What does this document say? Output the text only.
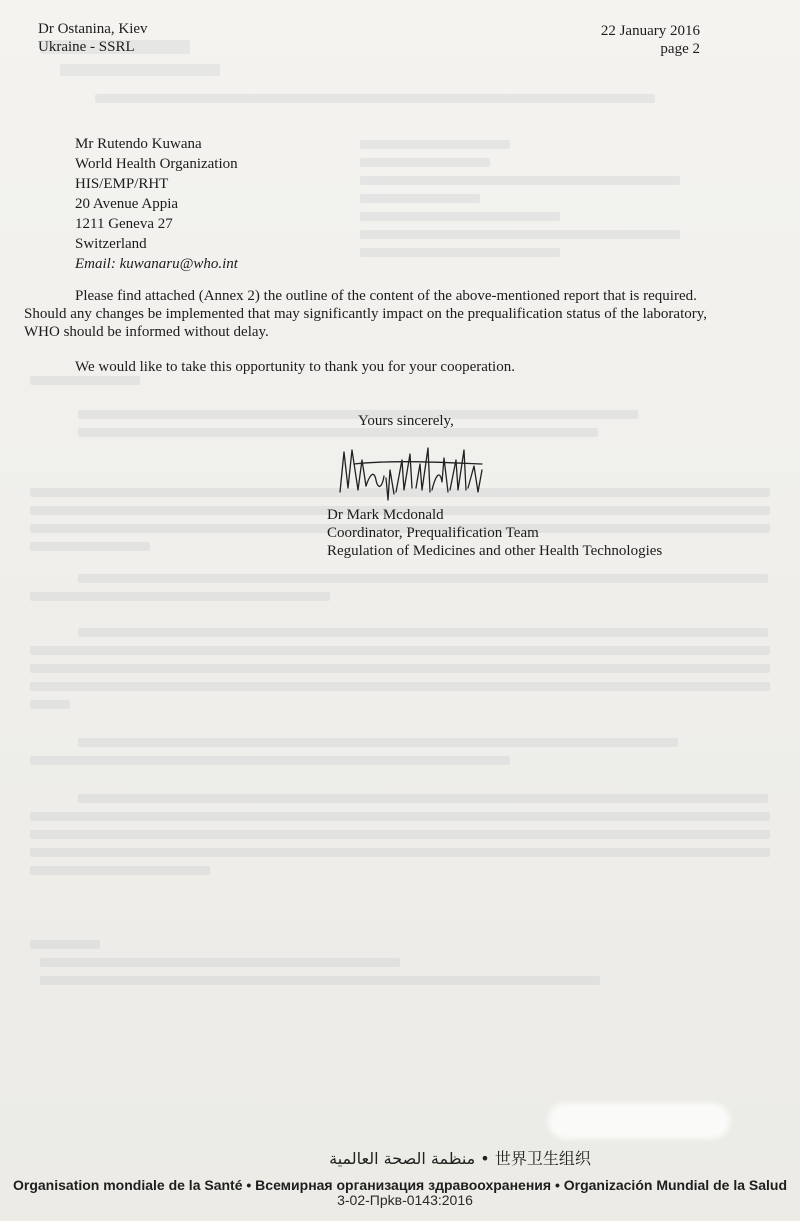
Dr Ostanina, Kiev
Ukraine - SSRL
22 January 2016
page 2
Mr Rutendo Kuwana
World Health Organization
HIS/EMP/RHT
20 Avenue Appia
1211 Geneva 27
Switzerland
Email: kuwanaru@who.int
Please find attached (Annex 2) the outline of the content of the above-mentioned report that is required. Should any changes be implemented that may significantly impact on the prequalification status of the laboratory, WHO should be informed without delay.
We would like to take this opportunity to thank you for your cooperation.
Yours sincerely,
Dr Mark Mcdonald
Coordinator, Prequalification Team
Regulation of Medicines and other Health Technologies
منظمة الصحة العالمية • 世界卫生组织
Organisation mondiale de la Santé • Всемирная организация здравоохранения • Organización Mundial de la Salud
3-02-Прkв-0143:2016
